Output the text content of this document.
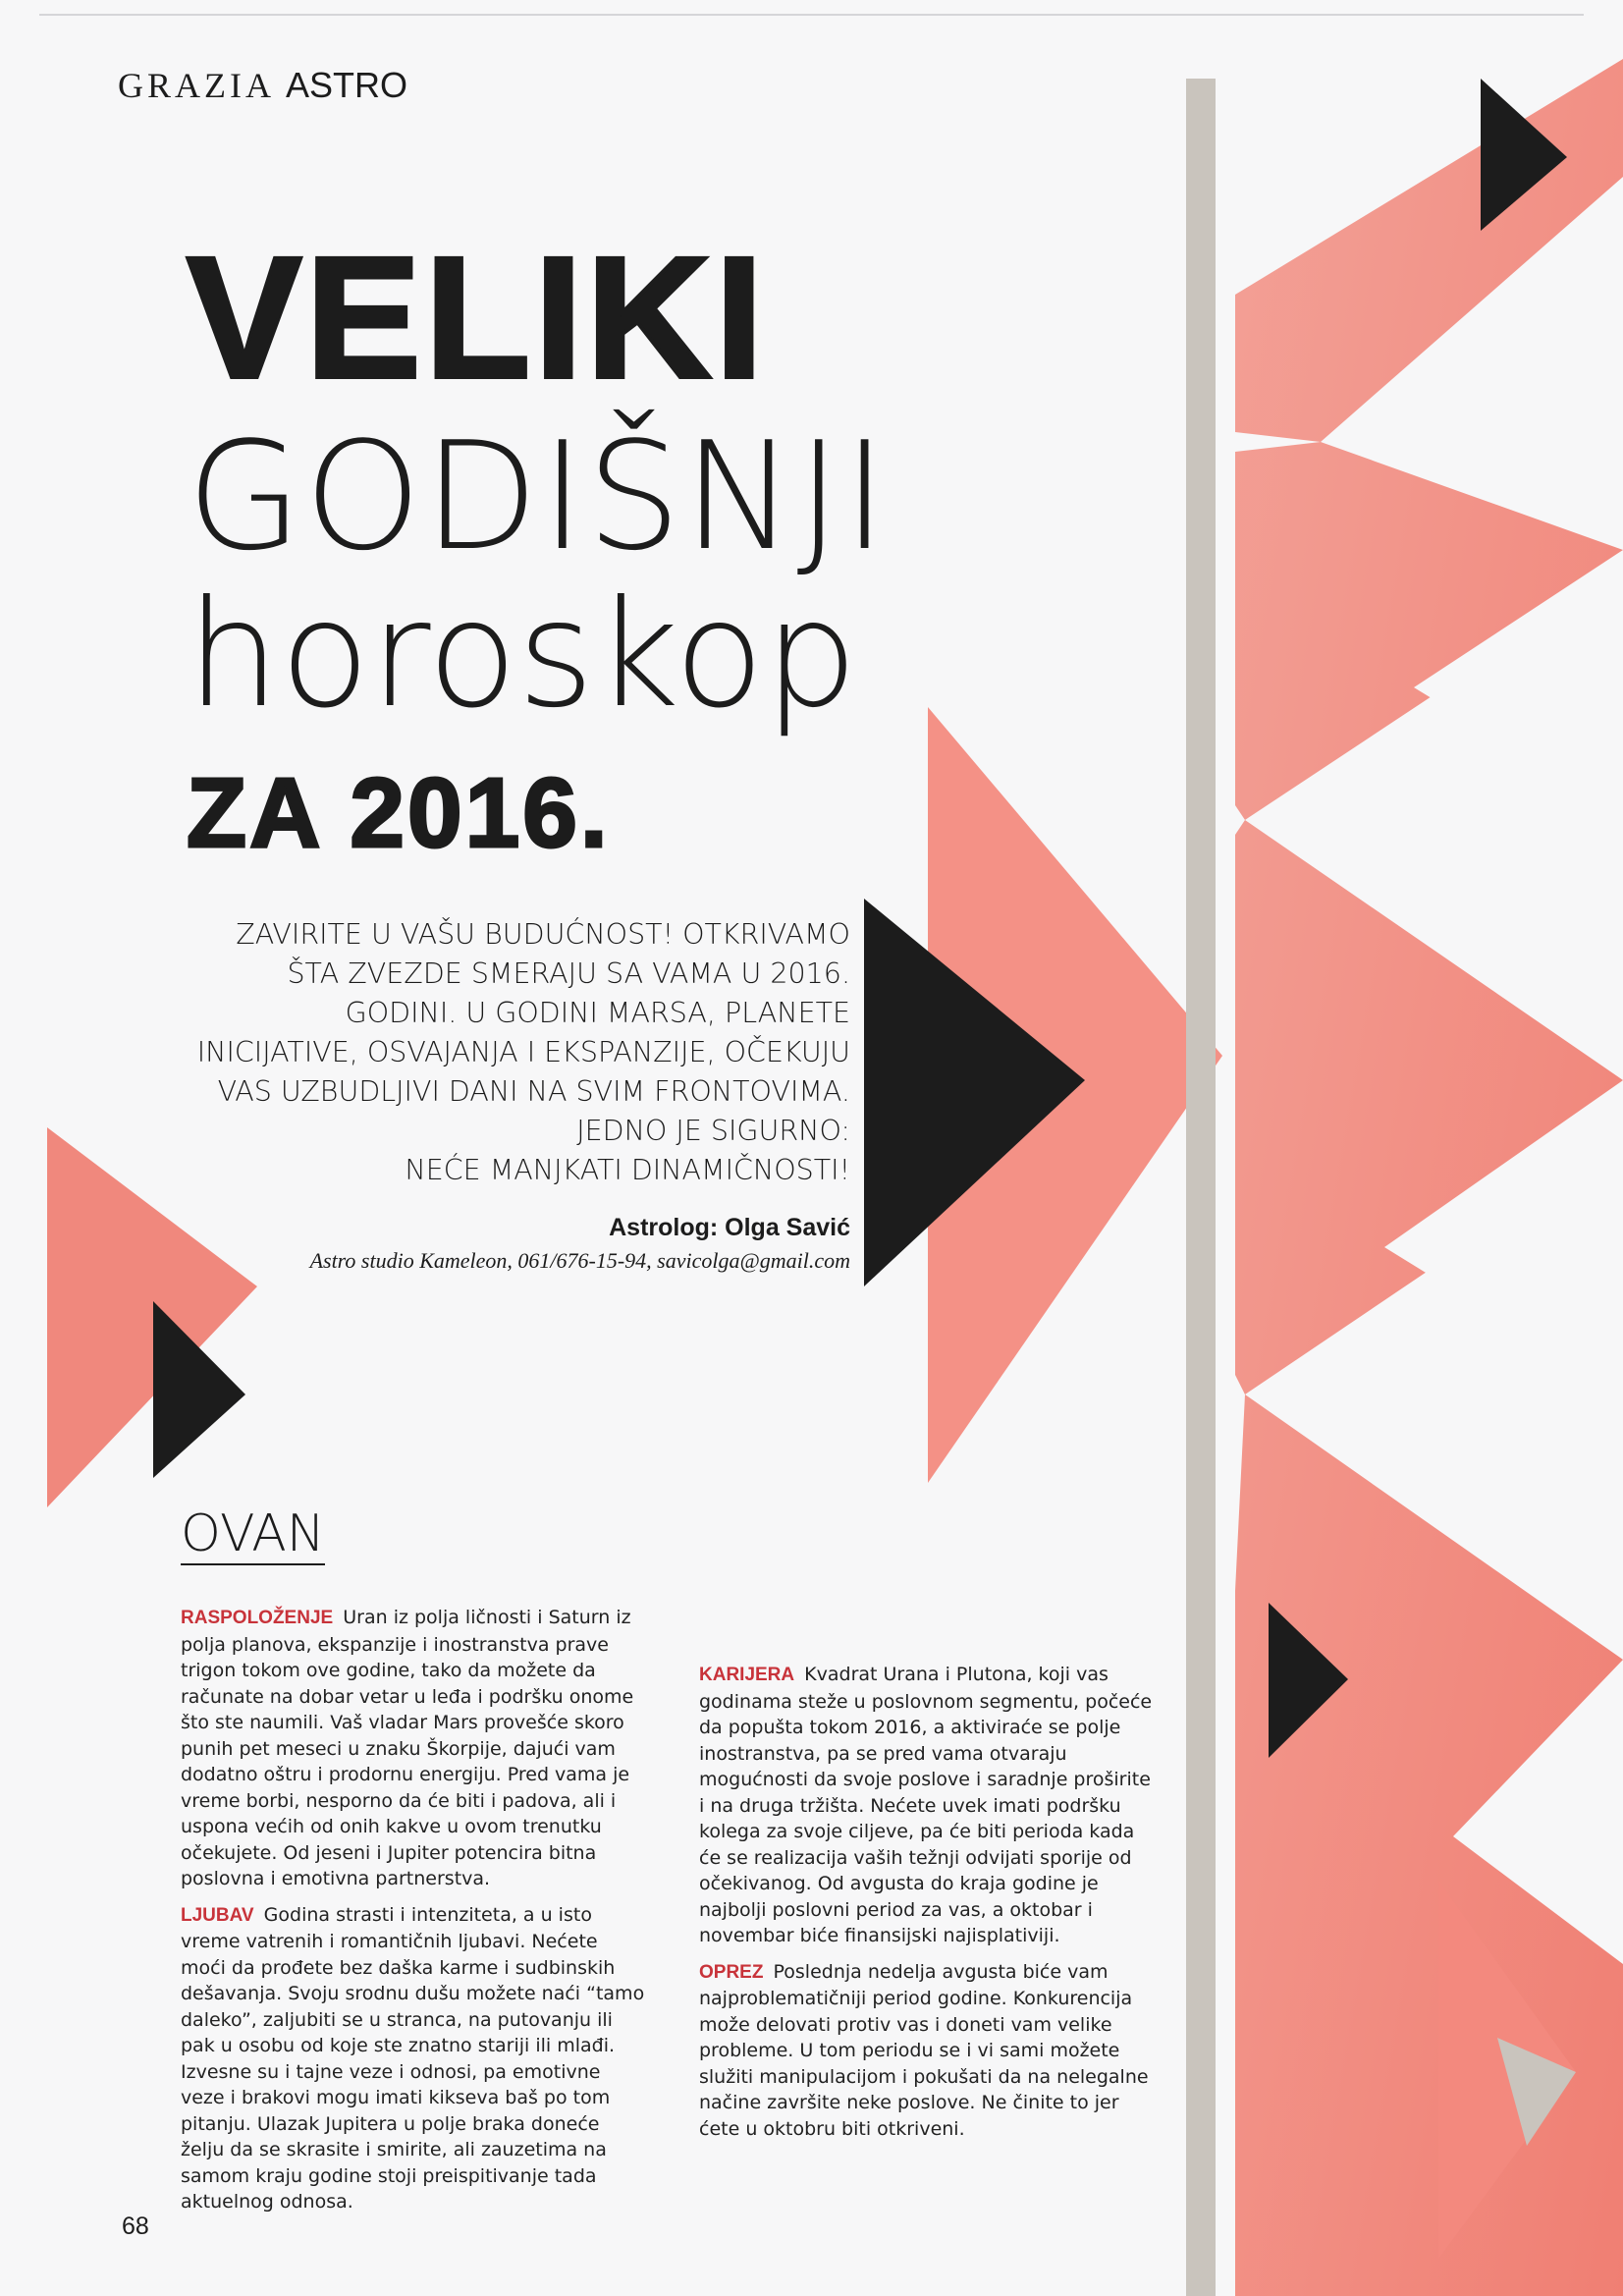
GRAZIA ASTRO
VELIKI
GODIŠNJI
horoskop
ZA 2016.
ZAVIRITE U VAŠU BUDUĆNOST! OTKRIVAMO
ŠTA ZVEZDE SMERAJU SA VAMA U 2016.
GODINI. U GODINI MARSA, PLANETE
INICIJATIVE, OSVAJANJA I EKSPANZIJE, OČEKUJU
VAS UZBUDLJIVI DANI NA SVIM FRONTOVIMA.
JEDNO JE SIGURNO:
NEĆE MANJKATI DINAMIČNOSTI!
Astrolog: Olga Savić
Astro studio Kameleon, 061/676-15-94, savicolga@gmail.com
OVAN

RASPOLOŽENJE Uran iz polja ličnosti i Saturn iz polja planova, ekspanzije i inostranstva prave trigon tokom ove godine, tako da možete da računate na dobar vetar u leđa i podršku onome što ste naumili. Vaš vladar Mars provešće skoro punih pet meseci u znaku Škorpije, dajući vam dodatno oštru i prodornu energiju. Pred vama je vreme borbi, nesporno da će biti i padova, ali i uspona većih od onih kakve u ovom trenutku očekujete. Od jeseni i Jupiter potencira bitna poslovna i emotivna partnerstva.

LJUBAV Godina strasti i intenziteta, a u isto vreme vatrenih i romantičnih ljubavi. Nećete moći da prođete bez daška karme i sudbinskih dešavanja. Svoju srodnu dušu možete naći “tamo daleko”, zaljubiti se u stranca, na putovanju ili pak u osobu od koje ste znatno stariji ili mlađi. Izvesne su i tajne veze i odnosi, pa emotivne veze i brakovi mogu imati kikseva baš po tom pitanju. Ulazak Jupitera u polje braka doneće želju da se skrasite i smirite, ali zauzetima na samom kraju godine stoji preispitivanje tada aktuelnog odnosa.

KARIJERA Kvadrat Urana i Plutona, koji vas godinama steže u poslovnom segmentu, počeće da popušta tokom 2016, a aktiviraće se polje inostranstva, pa se pred vama otvaraju mogućnosti da svoje poslove i saradnje proširite i na druga tržišta. Nećete uvek imati podršku kolega za svoje ciljeve, pa će biti perioda kada će se realizacija vaših težnji odvijati sporije od očekivanog. Od avgusta do kraja godine je najbolji poslovni period za vas, a oktobar i novembar biće finansijski najisplativiji.

OPREZ Poslednja nedelja avgusta biće vam najproblematičniji period godine. Konkurencija može delovati protiv vas i doneti vam velike probleme. U tom periodu se i vi sami možete služiti manipulacijom i pokušati da na nelegalne načine završite neke poslove. Ne činite to jer ćete u oktobru biti otkriveni.

68
